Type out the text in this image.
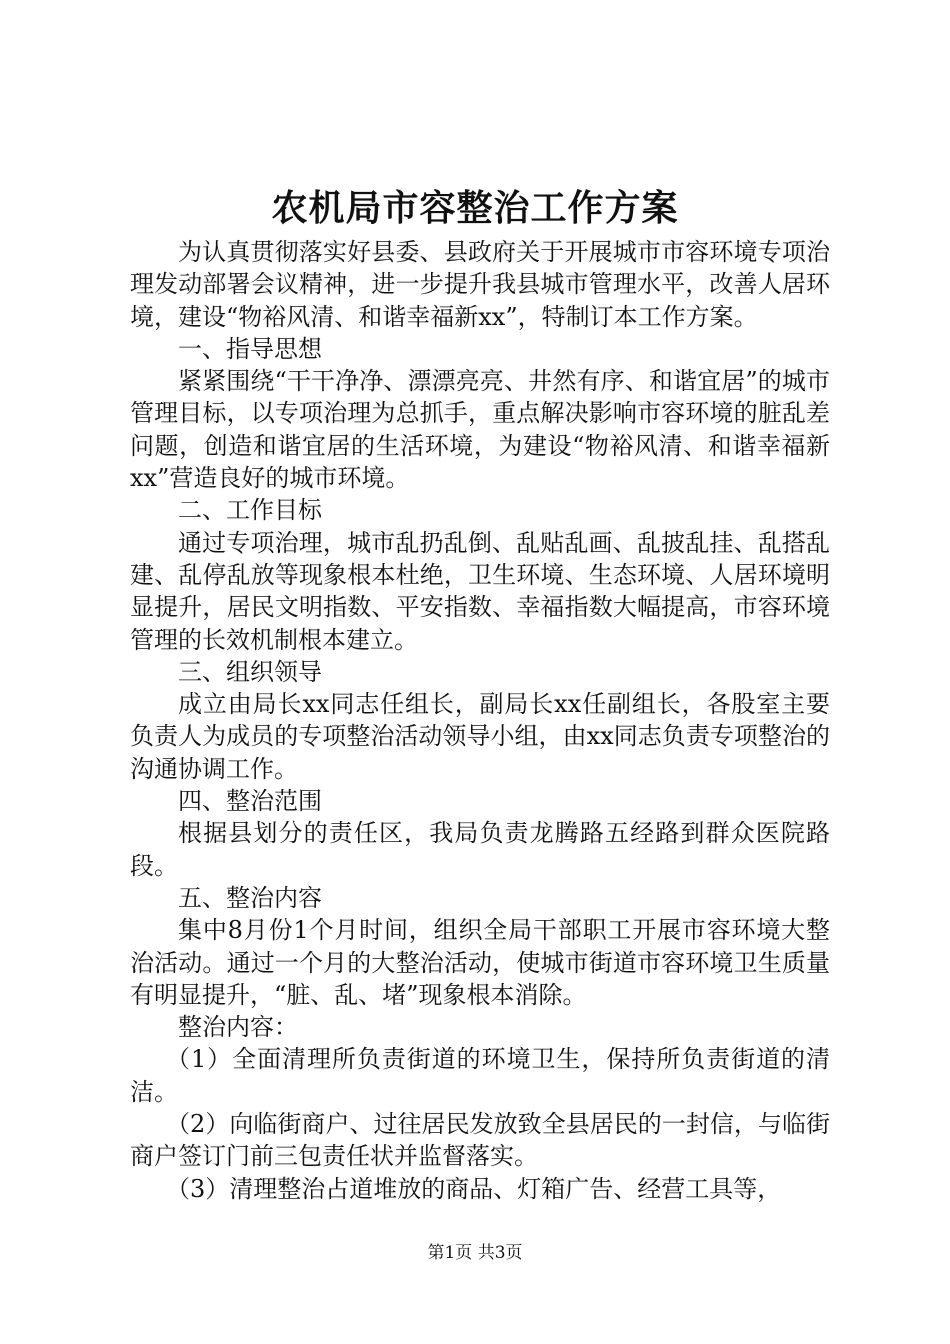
农机局市容整治工作方案

为认真贯彻落实好县委、县政府关于开展城市市容环境专项治理发动部署会议精神，进一步提升我县城市管理水平，改善人居环境，建设“物裕风清、和谐幸福新xx”，特制订本工作方案。

一、指导思想

紧紧围绕“干干净净、漂漂亮亮、井然有序、和谐宜居”的城市管理目标，以专项治理为总抓手，重点解决影响市容环境的脏乱差问题，创造和谐宜居的生活环境，为建设“物裕风清、和谐幸福新xx”营造良好的城市环境。

二、工作目标

通过专项治理，城市乱扔乱倒、乱贴乱画、乱披乱挂、乱搭乱建、乱停乱放等现象根本杜绝，卫生环境、生态环境、人居环境明显提升，居民文明指数、平安指数、幸福指数大幅提高，市容环境管理的长效机制根本建立。

三、组织领导

成立由局长xx同志任组长，副局长xx任副组长，各股室主要负责人为成员的专项整治活动领导小组，由xx同志负责专项整治的沟通协调工作。

四、整治范围

根据县划分的责任区，我局负责龙腾路五经路到群众医院路段。

五、整治内容

集中8月份1个月时间，组织全局干部职工开展市容环境大整治活动。通过一个月的大整治活动，使城市街道市容环境卫生质量有明显提升，“脏、乱、堵”现象根本消除。

整治内容：

（1）全面清理所负责街道的环境卫生，保持所负责街道的清洁。

（2）向临街商户、过往居民发放致全县居民的一封信，与临街商户签订门前三包责任状并监督落实。

（3）清理整治占道堆放的商品、灯箱广告、经营工具等，

第1页 共3页
